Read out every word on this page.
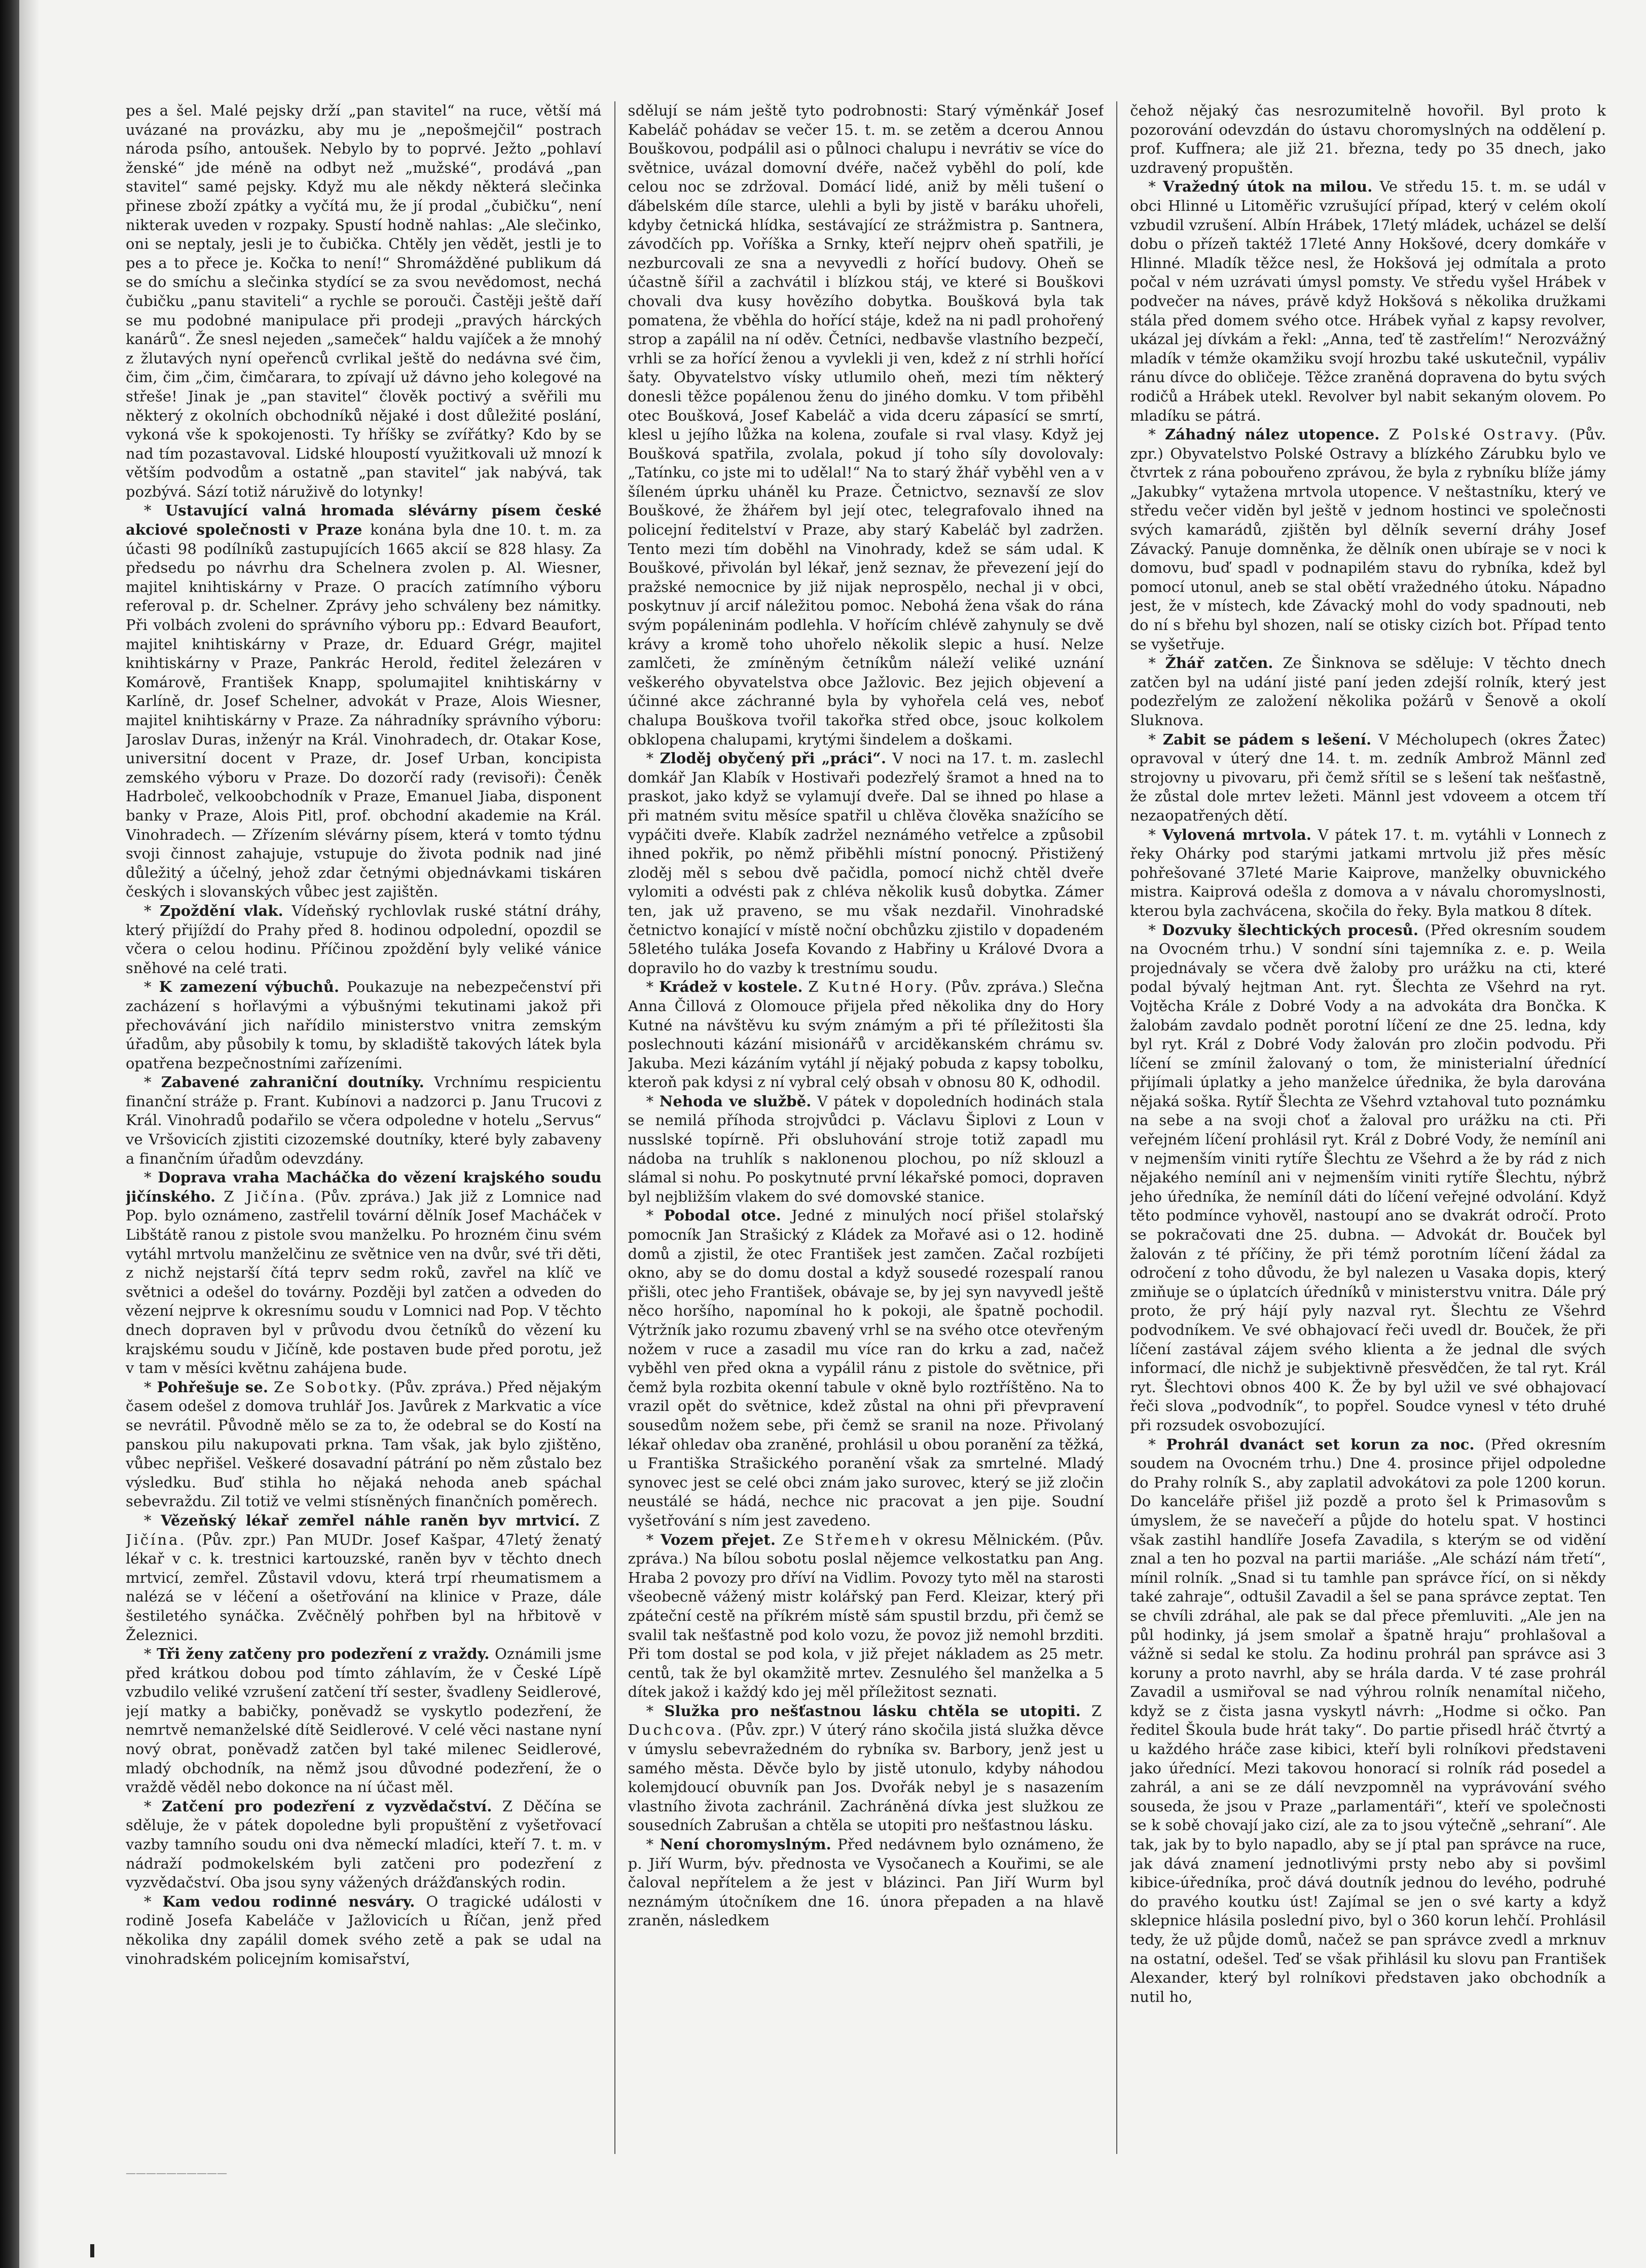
pes a šel. Malé pejsky drží „pan stavitel“ na ruce, větší má uvázané na provázku, aby mu je „nepošmejčil“ postrach národa psího, antoušek. Nebylo by to poprvé. Ježto „pohlaví ženské“ jde méně na odbyt než „mužské“, prodává „pan stavitel“ samé pejsky. Když mu ale někdy některá slečinka přinese zboží zpátky a vyčítá mu, že jí prodal „čubičku“, není nikterak uveden v rozpaky. Spustí hodně nahlas: „Ale slečinko, oni se neptaly, jesli je to čubička. Chtěly jen vědět, jestli je to pes a to přece je. Kočka to není!“ Shromážděné publikum dá se do smíchu a slečinka stydící se za svou nevědomost, nechá čubičku „panu staviteli“ a rychle se porouči. Častěji ještě daří se mu podobné manipulace při prodeji „pravých hárckých kanárů“. Že snesl nejeden „sameček“ haldu vajíček a že mnohý z žlutavých nyní opeřenců cvrlikal ještě do nedávna své čim, čim, čim „čim, čimčarara, to zpívají už dávno jeho kolegové na střeše! Jinak je „pan stavitel“ člověk poctivý a svěřili mu některý z okolních obchodníků nějaké i dost důležité poslání, vykoná vše k spokojenosti. Ty hříšky se zvířátky? Kdo by se nad tím pozastavoval. Lidské hloupostí využitkovali už mnozí k větším podvodům a ostatně „pan stavitel“ jak nabývá, tak pozbývá. Sází totiž náruživě do lotynky!

* Ustavující valná hromada slévárny písem české akciové společnosti v Praze konána byla dne 10. t. m. za účasti 98 podílníků zastupujících 1665 akcií se 828 hlasy. Za předsedu po návrhu dra Schelnera zvolen p. Al. Wiesner, majitel knihtiskárny v Praze. O pracích zatímního výboru referoval p. dr. Schelner. Zprávy jeho schváleny bez námitky. Při volbách zvoleni do správního výboru pp.: Edvard Beaufort, majitel knihtiskárny v Praze, dr. Eduard Grégr, majitel knihtiskárny v Praze, Pankrác Herold, ředitel železáren v Komárově, František Knapp, spolumajitel knihtiskárny v Karlíně, dr. Josef Schelner, advokát v Praze, Alois Wiesner, majitel knihtiskárny v Praze. Za náhradníky správního výboru: Jaroslav Duras, inženýr na Král. Vinohradech, dr. Otakar Kose, universitní docent v Praze, dr. Josef Urban, koncipista zemského výboru v Praze. Do dozorčí rady (revisoři): Čeněk Hadrboleč, velkoobchodník v Praze, Emanuel Jiaba, disponent banky v Praze, Alois Pitl, prof. obchodní akademie na Král. Vinohradech. — Zřízením slévárny písem, která v tomto týdnu svoji činnost zahajuje, vstupuje do života podnik nad jiné důležitý a účelný, jehož zdar četnými objednávkami tiskáren českých i slovanských vůbec jest zajištěn.

* Zpoždění vlak. Vídeňský rychlovlak ruské státní dráhy, který přijíždí do Prahy před 8. hodinou odpolední, opozdil se včera o celou hodinu. Příčinou zpoždění byly veliké vánice sněhové na celé trati.

* K zamezení výbuchů. Poukazuje na nebezpečenství při zacházení s hořlavými a výbušnými tekutinami jakož při přechovávání jich nařídilo ministerstvo vnitra zemským úřadům, aby působily k tomu, by skladiště takových látek byla opatřena bezpečnostními zařízeními.

* Zabavené zahraniční doutníky. Vrchnímu respicientu finanční stráže p. Frant. Kubínovi a nadzorci p. Janu Trucovi z Král. Vinohradů podařilo se včera odpoledne v hotelu „Servus“ ve Vršovicích zjistiti cizozemské doutníky, které byly zabaveny a finančním úřadům odevzdány.

* Doprava vraha Macháčka do vězení krajského soudu jičínského. Z Jičína. (Pův. zpráva.) Jak již z Lomnice nad Pop. bylo oznámeno, zastřelil tovární dělník Josef Macháček v Libštátě ranou z pistole svou manželku. Po hrozném činu svém vytáhl mrtvolu manželčinu ze světnice ven na dvůr, své tři děti, z nichž nejstarší čítá teprv sedm roků, zavřel na klíč ve světnici a odešel do továrny. Později byl zatčen a odveden do vězení nejprve k okresnímu soudu v Lomnici nad Pop. V těchto dnech dopraven byl v průvodu dvou četníků do vězení ku krajskému soudu v Jičíně, kde postaven bude před porotu, jež v tam v měsíci květnu zahájena bude.

* Pohřešuje se. Ze Sobotky. (Pův. zpráva.) Před nějakým časem odešel z domova truhlář Jos. Javůrek z Markvatic a více se nevrátil. Původně mělo se za to, že odebral se do Kostí na panskou pilu nakupovati prkna. Tam však, jak bylo zjištěno, vůbec nepřišel. Veškeré dosavadní pátrání po něm zůstalo bez výsledku. Buď stihla ho nějaká nehoda aneb spáchal sebevraždu. Zil totiž ve velmi stísněných finančních poměrech.

* Vězeňský lékař zemřel náhle raněn byv mrtvicí. Z Jičína. (Pův. zpr.) Pan MUDr. Josef Kašpar, 47letý ženatý lékař v c. k. trestnici kartouzské, raněn byv v těchto dnech mrtvicí, zemřel. Zůstavil vdovu, která trpí rheumatismem a nalézá se v léčení a ošetřování na klinice v Praze, dále šestiletého synáčka. Zvěčnělý pohřben byl na hřbitově v Železnici.

* Tři ženy zatčeny pro podezření z vraždy. Oznámili jsme před krátkou dobou pod tímto záhlavím, že v České Lípě vzbudilo veliké vzrušení zatčení tří sester, švadleny Seidlerové, její matky a babičky, poněvadž se vyskytlo podezření, že nemrtvě nemanželské dítě Seidlerové. V celé věci nastane nyní nový obrat, poněvadž zatčen byl také milenec Seidlerové, mladý obchodník, na němž jsou důvodné podezření, že o vraždě věděl nebo dokonce na ní účast měl.

* Zatčení pro podezření z vyzvědačství. Z Děčína se sděluje, že v pátek dopoledne byli propuštění z vyšetřovací vazby tamního soudu oni dva německí mladíci, kteří 7. t. m. v nádraží podmokelském byli zatčeni pro podezření z vyzvědačství. Oba jsou syny vážených drážďanských rodin.

* Kam vedou rodinné nesváry. O tragické události v rodině Josefa Kabeláče v Jažlovicích u Říčan, jenž před několika dny zapálil domek svého zetě a pak se udal na vinohradském policejním komisařství,

sdělují se nám ještě tyto podrobnosti: Starý výměnkář Josef Kabeláč pohádav se večer 15. t. m. se zetěm a dcerou Annou Bouškovou, podpálil asi o půlnoci chalupu i nevrátiv se více do světnice, uvázal domovní dvéře, načež vyběhl do polí, kde celou noc se zdržoval. Domácí lidé, aniž by měli tušení o ďábelském díle starce, ulehli a byli by jistě v baráku uhořeli, kdyby četnická hlídka, sestávající ze strážmistra p. Santnera, závodčích pp. Voříška a Srnky, kteří nejprv oheň spatřili, je nezburcovali ze sna a nevyvedli z hořící budovy. Oheň se účastně šířil a zachvátil i blízkou stáj, ve které si Bouškovi chovali dva kusy hovězího dobytka. Boušková byla tak pomatena, že vběhla do hořící stáje, kdež na ni padl prohořený strop a zapálil na ní oděv. Četníci, nedbavše vlastního bezpečí, vrhli se za hořící ženou a vyvlekli ji ven, kdež z ní strhli hořící šaty. Obyvatelstvo vísky utlumilo oheň, mezi tím některý donesli těžce popálenou ženu do jiného domku. V tom přiběhl otec Boušková, Josef Kabeláč a vida dceru zápasící se smrtí, klesl u jejího lůžka na kolena, zoufale si rval vlasy. Když jej Boušková spatřila, zvolala, pokud jí toho síly dovolovaly: „Tatínku, co jste mi to udělal!“ Na to starý žhář vyběhl ven a v šíleném úprku uháněl ku Praze. Četnictvo, seznavší ze slov Bouškové, že žhářem byl její otec, telegrafovalo ihned na policejní ředitelství v Praze, aby starý Kabeláč byl zadržen. Tento mezi tím doběhl na Vinohrady, kdež se sám udal. K Bouškové, přivolán byl lékař, jenž seznav, že převezení její do pražské nemocnice by již nijak neprospělo, nechal ji v obci, poskytnuv jí arcif náležitou pomoc. Nebohá žena však do rána svým popáleninám podlehla. V hořícím chlévě zahynuly se dvě krávy a kromě toho uhořelo několik slepic a husí. Nelze zamlčeti, že zmíněným četníkům náleží veliké uznání veškerého obyvatelstva obce Jažlovic. Bez jejich objevení a účinné akce záchranné byla by vyhořela celá ves, neboť chalupa Bouškova tvořil takořka střed obce, jsouc kolkolem obklopena chalupami, krytými šindelem a doškami.

* Zloděj obyčený při „práci“. V noci na 17. t. m. zaslechl domkář Jan Klabík v Hostivaři podezřelý šramot a hned na to praskot, jako když se vylamují dveře. Dal se ihned po hlase a při matném svitu měsíce spatřil u chlěva člověka snažícího se vypáčiti dveře. Klabík zadržel neznámého vetřelce a způsobil ihned pokřik, po němž přiběhli místní ponocný. Přistižený zloděj měl s sebou dvě pačidla, pomocí nichž chtěl dveře vylomiti a odvésti pak z chléva několik kusů dobytka. Zámer ten, jak už praveno, se mu však nezdařil. Vinohradské četnictvo konající v místě noční obchůzku zjistilo v dopadeném 58letého tuláka Josefa Kovando z Habřiny u Králové Dvora a dopravilo ho do vazby k trestnímu soudu.

* Krádež v kostele. Z Kutné Hory. (Pův. zpráva.) Slečna Anna Čillová z Olomouce přijela před několika dny do Hory Kutné na návštěvu ku svým známým a při té příležitosti šla poslechnouti kázání misionářů v arciděkanském chrámu sv. Jakuba. Mezi kázáním vytáhl jí nějaký pobuda z kapsy tobolku, kteroň pak kdysi z ní vybral celý obsah v obnosu 80 K, odhodil.

* Nehoda ve službě. V pátek v dopoledních hodinách stala se nemilá příhoda strojvůdci p. Václavu Šiplovi z Loun v nusslské topírně. Při obsluhování stroje totiž zapadl mu nádoba na truhlík s naklonenou plochou, po níž sklouzl a slámal si nohu. Po poskytnuté první lékařské pomoci, dopraven byl nejbližším vlakem do své domovské stanice.

* Pobodal otce. Jedné z minulých nocí přišel stolařský pomocník Jan Strašický z Kládek za Mořavé asi o 12. hodině domů a zjistil, že otec František jest zamčen. Začal rozbíjeti okno, aby se do domu dostal a když sousedé rozespalí ranou přišli, otec jeho František, obávaje se, by jej syn navyvedl ještě něco horšího, napomínal ho k pokoji, ale špatně pochodil. Výtržník jako rozumu zbavený vrhl se na svého otce otevřeným nožem v ruce a zasadil mu více ran do krku a zad, načež vyběhl ven před okna a vypálil ránu z pistole do světnice, při čemž byla rozbita okenní tabule v okně bylo roztříštěno. Na to vrazil opět do světnice, kdež zůstal na ohni při převpravení sousedům nožem sebe, při čemž se sranil na noze. Přivolaný lékař ohledav oba zraněné, prohlásil u obou poranění za těžká, u Františka Strašického poranění však za smrtelné. Mladý synovec jest se celé obci znám jako surovec, který se již zločin neustálé se hádá, nechce nic pracovat a jen pije. Soudní vyšetřování s ním jest zavedeno.

* Vozem přejet. Ze Střemeh v okresu Mělnickém. (Pův. zpráva.) Na bílou sobotu poslal nějemce velkostatku pan Ang. Hraba 2 povozy pro dříví na Vidlim. Povozy tyto měl na starosti všeobecně vážený mistr kolářský pan Ferd. Kleizar, který při zpáteční cestě na příkrém místě sám spustil brzdu, při čemž se svalil tak nešťastně pod kolo vozu, že povoz již nemohl brzditi. Při tom dostal se pod kola, v již přejet nákladem as 25 metr. centů, tak že byl okamžitě mrtev. Zesnulého šel manželka a 5 dítek jakož i každý kdo jej měl příležitost seznati.

* Služka pro nešťastnou lásku chtěla se utopiti. Z Duchcova. (Pův. zpr.) V úterý ráno skočila jistá služka děvce v úmyslu sebevražedném do rybníka sv. Barbory, jenž jest u samého města. Děvče bylo by jistě utonulo, kdyby náhodou kolemjdoucí obuvník pan Jos. Dvořák nebyl je s nasazením vlastního života zachránil. Zachráněná dívka jest služkou ze sousedních Zabrušan a chtěla se utopiti pro nešťastnou lásku.

* Není choromyslným. Před nedávnem bylo oznámeno, že p. Jiří Wurm, býv. přednosta ve Vysočanech a Kouřimi, se ale čaloval nepřítelem a že jest v blázinci. Pan Jiří Wurm byl neznámým útočníkem dne 16. února přepaden a na hlavě zraněn, následkem

čehož nějaký čas nesrozumitelně hovořil. Byl proto k pozorování odevzdán do ústavu choromyslných na oddělení p. prof. Kuffnera; ale již 21. března, tedy po 35 dnech, jako uzdravený propuštěn.

* Vražedný útok na milou. Ve středu 15. t. m. se udál v obci Hlinné u Litoměřic vzrušující případ, který v celém okolí vzbudil vzrušení. Albín Hrábek, 17letý mládek, ucházel se delší dobu o přízeň taktéž 17leté Anny Hokšové, dcery domkáře v Hlinné. Mladík těžce nesl, že Hokšová jej odmítala a proto počal v ném uzrávati úmysl pomsty. Ve středu vyšel Hrábek v podvečer na náves, právě když Hokšová s několika družkami stála před domem svého otce. Hrábek vyňal z kapsy revolver, ukázal jej dívkám a řekl: „Anna, teď tě zastřelím!“ Nerozvážný mladík v témže okamžiku svojí hrozbu také uskutečnil, vypáliv ránu dívce do obličeje. Těžce zraněná dopravena do bytu svých rodičů a Hrábek utekl. Revolver byl nabit sekaným olovem. Po mladíku se pátrá.

* Záhadný nález utopence. Z Polské Ostravy. (Pův. zpr.) Obyvatelstvo Polské Ostravy a blízkého Zárubku bylo ve čtvrtek z rána pobouřeno zprávou, že byla z rybníku blíže jámy „Jakubky“ vytažena mrtvola utopence. V neštastníku, který ve středu večer viděn byl ještě v jednom hostinci ve společnosti svých kamarádů, zjištěn byl dělník severní dráhy Josef Závacký. Panuje domněnka, že dělník onen ubíraje se v noci k domovu, buď spadl v podnapilém stavu do rybníka, kdež byl pomocí utonul, aneb se stal obětí vražedného útoku. Nápadno jest, že v místech, kde Závacký mohl do vody spadnouti, neb do ní s břehu byl shozen, nalí se otisky cizích bot. Případ tento se vyšetřuje.

* Žhář zatčen. Ze Šinknova se sděluje: V těchto dnech zatčen byl na udání jisté paní jeden zdejší rolník, který jest podezřelým ze založení několika požárů v Šenově a okolí Sluknova.

* Zabit se pádem s lešení. V Mécholupech (okres Žatec) opravoval v úterý dne 14. t. m. zedník Ambrož Männl zeď strojovny u pivovaru, při čemž sřítil se s lešení tak nešťastně, že zůstal dole mrtev ležeti. Männl jest vdoveem a otcem tří nezaopatřených dětí.

* Vylovená mrtvola. V pátek 17. t. m. vytáhli v Lonnech z řeky Ohárky pod starými jatkami mrtvolu již přes měsíc pohřešované 37leté Marie Kaiprove, manželky obuvnického mistra. Kaiprová odešla z domova a v návalu choromyslnosti, kterou byla zachvácena, skočila do řeky. Byla matkou 8 dítek.

* Dozvuky šlechtických procesů. (Před okresním soudem na Ovocném trhu.) V sondní síni tajemníka z. e. p. Weila projednávaly se včera dvě žaloby pro urážku na cti, které podal bývalý hejtman Ant. ryt. Šlechta ze Všehrd na ryt. Vojtěcha Krále z Dobré Vody a na advokáta dra Bončka. K žalobám zavdalo podnět porotní líčení ze dne 25. ledna, kdy byl ryt. Král z Dobré Vody žalován pro zločin podvodu. Při líčení se zmínil žalovaný o tom, že ministerialní úřednící přijímali úplatky a jeho manželce úřednika, že byla darována nějaká soška. Rytíř Šlechta ze Všehrd vztahoval tuto poznámku na sebe a na svoji choť a žaloval pro urážku na cti. Při veřejném líčení prohlásil ryt. Král z Dobré Vody, že nemíníl ani v nejmenším viniti rytíře Šlechtu ze Všehrd a že by rád z nich nějakého nemíníl ani v nejmenším viniti rytíře Šlechtu, nýbrž jeho úředníka, že nemíníl dáti do líčení veřejné odvolání. Když těto podmínce vyhověl, nastoupí ano se dvakrát odročí. Proto se pokračovati dne 25. dubna. — Advokát dr. Bouček byl žalován z té příčiny, že při témž porotním líčení žádal za odročení z toho důvodu, že byl nalezen u Vasaka dopis, který zmiňuje se o úplatcích úředníků v ministerstvu vnitra. Dále prý proto, že prý hájí pyly nazval ryt. Šlechtu ze Všehrd podvodníkem. Ve své obhajovací řeči uvedl dr. Bouček, že při líčení zastával zájem svého klienta a že jednal dle svých informací, dle nichž je subjektivně přesvědčen, že tal ryt. Král ryt. Šlechtovi obnos 400 K. Že by byl užil ve své obhajovací řeči slova „podvodník“, to popřel. Soudce vynesl v této druhé při rozsudek osvobozující.

* Prohrál dvanáct set korun za noc. (Před okresním soudem na Ovocném trhu.) Dne 4. prosince přijel odpoledne do Prahy rolník S., aby zaplatil advokátovi za pole 1200 korun. Do kanceláře přišel již pozdě a proto šel k Primasovům s úmyslem, že se navečeří a půjde do hotelu spat. V hostinci však zastihl handlíře Josefa Zavadila, s kterým se od vidění znal a ten ho pozval na partii mariáše. „Ale schází nám třetí“, mínil rolník. „Snad si tu tamhle pan správce řící, on si někdy také zahraje“, odtušil Zavadil a šel se pana správce zeptat. Ten se chvíli zdráhal, ale pak se dal přece přemluviti. „Ale jen na půl hodinky, já jsem smolař a špatně hraju“ prohlašoval a vážně si sedal ke stolu. Za hodinu prohrál pan správce asi 3 koruny a proto navrhl, aby se hrála darda. V té zase prohrál Zavadil a usmiřoval se nad výhrou rolník nenamítal ničeho, když se z čista jasna vyskytl návrh: „Hodme si očko. Pan ředitel Škoula bude hrát taky“. Do partie přisedl hráč čtvrtý a u každého hráče zase kibici, kteří byli rolníkovi představeni jako úřednící. Mezi takovou honorací si rolník rád posedel a zahrál, a ani se ze dálí nevzpomněl na vyprávování svého souseda, že jsou v Praze „parlamentáři“, kteří ve společnosti se k sobě chovají jako cizí, ale za to jsou výtečně „sehraní“. Ale tak, jak by to bylo napadlo, aby se jí ptal pan správce na ruce, jak dává znamení jednotlivými prsty nebo aby si povšiml kibice-úředníka, proč dává doutník jednou do levého, podruhé do pravého koutku úst! Zajímal se jen o své karty a když sklepnice hlásila poslední pivo, byl o 360 korun lehčí. Prohlásil tedy, že už půjde domů, načež se pan správce zvedl a mrknuv na ostatní, odešel. Teď se však přihlásil ku slovu pan František Alexander, který byl rolníkovi představen jako obchodník a nutil ho,

——————————
